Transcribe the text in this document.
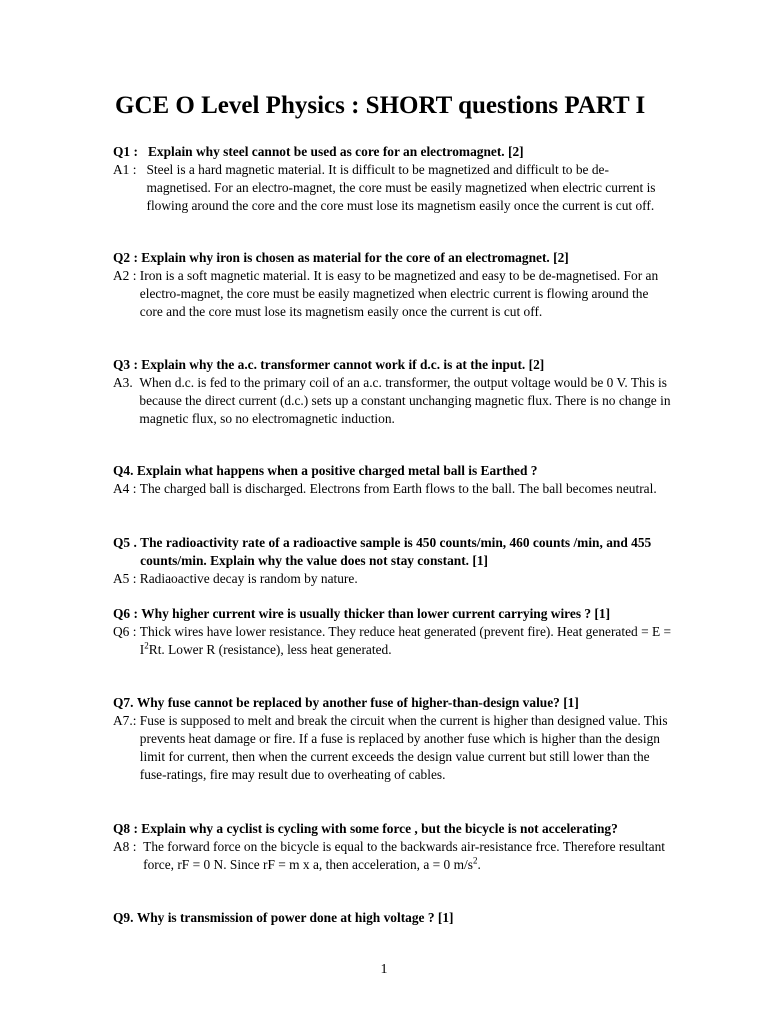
GCE O Level Physics : SHORT questions PART I
Q1 : Explain why steel cannot be used as core for an electromagnet. [2]
A1 : Steel is a hard magnetic material. It is difficult to be magnetized and difficult to be de-magnetised. For an electro-magnet, the core must be easily magnetized when electric current is flowing around the core and the core must lose its magnetism easily once the current is cut off.
Q2 : Explain why iron is chosen as material for the core of an electromagnet. [2]
A2 : Iron is a soft magnetic material. It is easy to be magnetized and easy to be de-magnetised. For an electro-magnet, the core must be easily magnetized when electric current is flowing around the core and the core must lose its magnetism easily once the current is cut off.
Q3 : Explain why the a.c. transformer cannot work if d.c. is at the input. [2]
A3. When d.c. is fed to the primary coil of an a.c. transformer, the output voltage would be 0 V. This is because the direct current (d.c.) sets up a constant unchanging magnetic flux. There is no change in magnetic flux, so no electromagnetic induction.
Q4. Explain what happens when a positive charged metal ball is Earthed ?
A4 : The charged ball is discharged. Electrons from Earth flows to the ball. The ball becomes neutral.
Q5 . The radioactivity rate of a radioactive sample is 450 counts/min, 460 counts /min, and 455 counts/min. Explain why the value does not stay constant. [1]
A5 : Radiaoactive decay is random by nature.
Q6 : Why higher current wire is usually thicker than lower current carrying wires ? [1]
Q6 : Thick wires have lower resistance. They reduce heat generated (prevent fire). Heat generated = $E = I^2Rt$. Lower R (resistance), less heat generated.
Q7. Why fuse cannot be replaced by another fuse of higher-than-design value? [1]
A7.: Fuse is supposed to melt and break the circuit when the current is higher than designed value. This prevents heat damage or fire. If a fuse is replaced by another fuse which is higher than the design limit for current, then when the current exceeds the design value current but still lower than the fuse-ratings, fire may result due to overheating of cables.
Q8 : Explain why a cyclist is cycling with some force , but the bicycle is not accelerating?
A8 : The forward force on the bicycle is equal to the backwards air-resistance frce. Therefore resultant force, rF = 0 N. Since rF = m x a, then acceleration, a = 0 $m/s^2$.
Q9. Why is transmission of power done at high voltage ? [1]
1
